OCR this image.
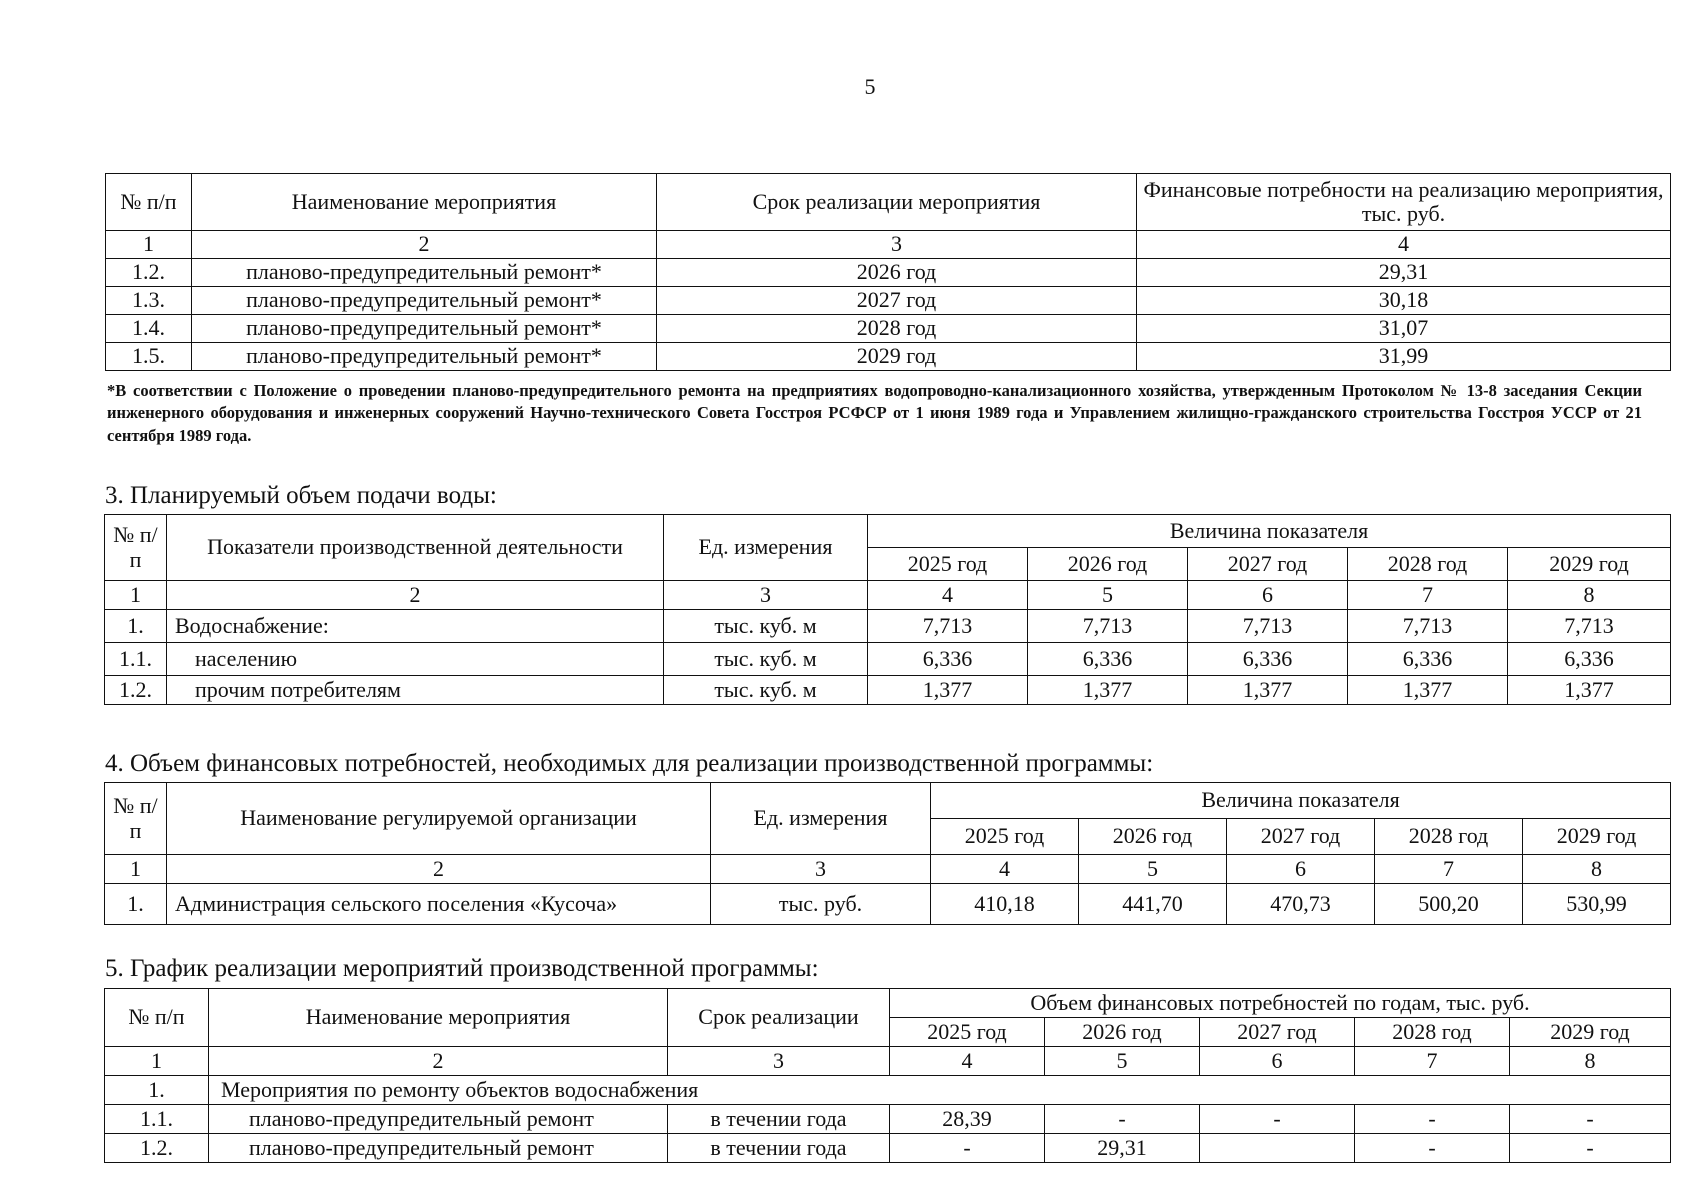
5
№ п/п	Наименование мероприятия	Срок реализации мероприятия	Финансовые потребности на реализацию мероприятия, тыс. руб.
1	2	3	4
1.2.	планово-предупредительный ремонт*	2026 год	29,31
1.3.	планово-предупредительный ремонт*	2027 год	30,18
1.4.	планово-предупредительный ремонт*	2028 год	31,07
1.5.	планово-предупредительный ремонт*	2029 год	31,99
*В соответствии с Положение о проведении планово-предупредительного ремонта на предприятиях водопроводно-канализационного хозяйства, утвержденным Протоколом № 13-8 заседания Секции инженерного оборудования и инженерных сооружений Научно-технического Совета Госстроя РСФСР от 1 июня 1989 года и Управлением жилищно-гражданского строительства Госстроя УССР от 21 сентября 1989 года.
3. Планируемый объем подачи воды:
№ п/п	Показатели производственной деятельности	Ед. измерения	Величина показателя				
			2025 год	2026 год	2027 год	2028 год	2029 год
1	2	3	4	5	6	7	8
1.	Водоснабжение:	тыс. куб. м	7,713	7,713	7,713	7,713	7,713
1.1.	населению	тыс. куб. м	6,336	6,336	6,336	6,336	6,336
1.2.	прочим потребителям	тыс. куб. м	1,377	1,377	1,377	1,377	1,377
4. Объем финансовых потребностей, необходимых для реализации производственной программы:
№ п/п	Наименование регулируемой организации	Ед. измерения	Величина показателя				
			2025 год	2026 год	2027 год	2028 год	2029 год
1	2	3	4	5	6	7	8
1.	Администрация сельского поселения «Кусоча»	тыс. руб.	410,18	441,70	470,73	500,20	530,99
5. График реализации мероприятий производственной программы:
№ п/п	Наименование мероприятия	Срок реализации	Объем финансовых потребностей по годам, тыс. руб.				
			2025 год	2026 год	2027 год	2028 год	2029 год
1	2	3	4	5	6	7	8
1.	Мероприятия по ремонту объектов водоснабжения						
1.1.	планово-предупредительный ремонт	в течении года	28,39	-	-	-	-
1.2.	планово-предупредительный ремонт	в течении года	-	29,31		-	-
